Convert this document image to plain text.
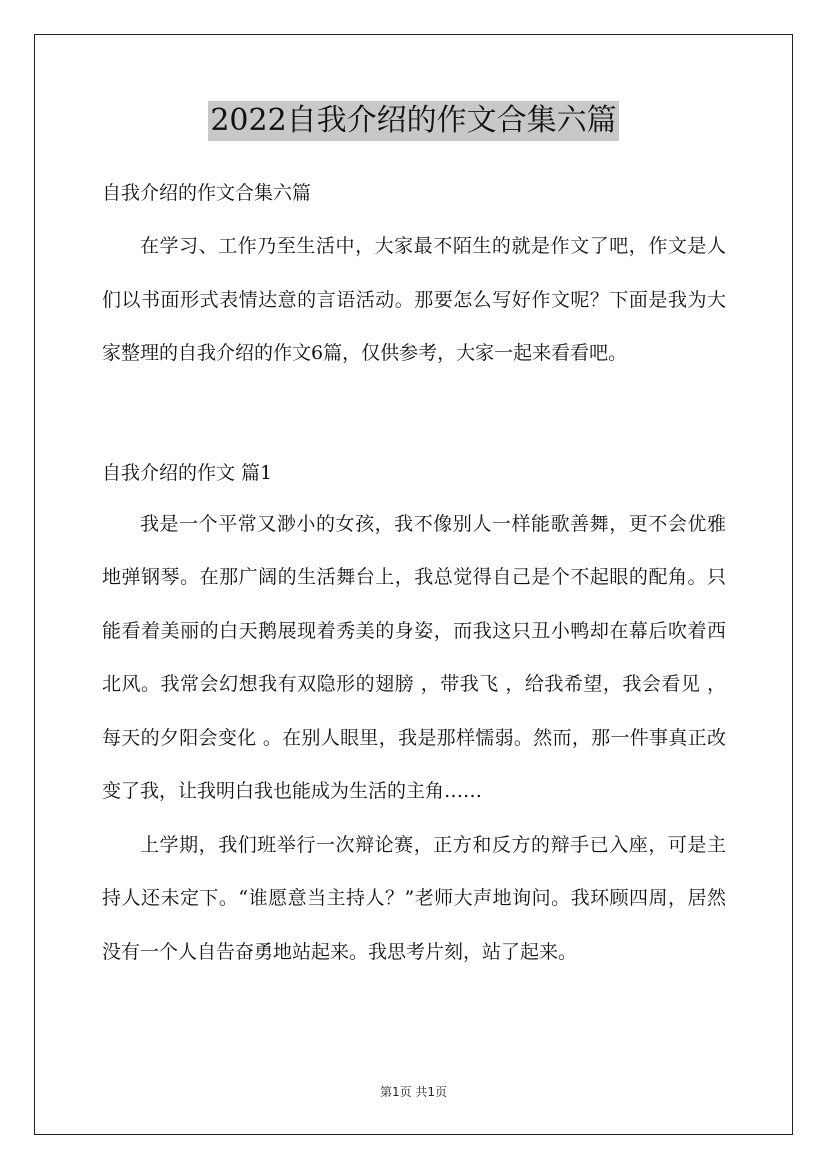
2022自我介绍的作文合集六篇

自我介绍的作文合集六篇

在学习、工作乃至生活中，大家最不陌生的就是作文了吧，作文是人们以书面形式表情达意的言语活动。那要怎么写好作文呢？下面是我为大家整理的自我介绍的作文6篇，仅供参考，大家一起来看看吧。

自我介绍的作文 篇1

我是一个平常又渺小的女孩，我不像别人一样能歌善舞，更不会优雅地弹钢琴。在那广阔的生活舞台上，我总觉得自己是个不起眼的配角。只能看着美丽的白天鹅展现着秀美的身姿，而我这只丑小鸭却在幕后吹着西北风。我常会幻想我有双隐形的翅膀 ，带我飞 ，给我希望，我会看见 ，每天的夕阳会变化 。在别人眼里，我是那样懦弱。然而，那一件事真正改变了我，让我明白我也能成为生活的主角……

上学期，我们班举行一次辩论赛，正方和反方的辩手已入座，可是主持人还未定下。“谁愿意当主持人？”老师大声地询问。我环顾四周，居然没有一个人自告奋勇地站起来。我思考片刻，站了起来。

第1页 共1页
